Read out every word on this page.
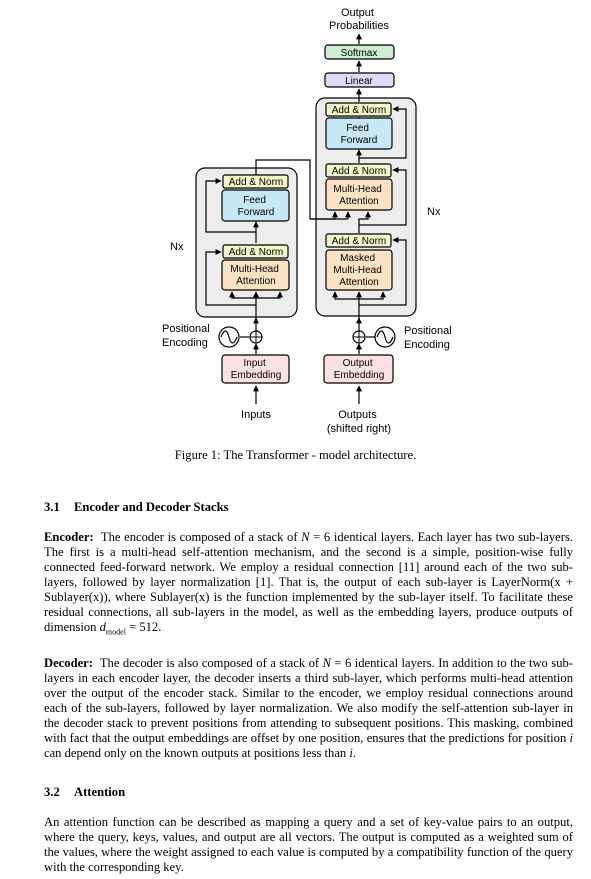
Output Probabilities
Softmax
Linear
Add & Norm
Feed Forward
Add & Norm
Multi-Head Attention
Add & Norm
Masked Multi-Head Attention
Nx
Add & Norm
Feed Forward
Add & Norm
Multi-Head Attention
Nx
Positional Encoding
Positional Encoding
Input Embedding
Output Embedding
Inputs	Outputs (shifted right)
Figure 1: The Transformer - model architecture.
3.1 Encoder and Decoder Stacks
Encoder: The encoder is composed of a stack of N = 6 identical layers. Each layer has two sub-layers. The first is a multi-head self-attention mechanism, and the second is a simple, position-wise fully connected feed-forward network. We employ a residual connection [11] around each of the two sub-layers, followed by layer normalization [1]. That is, the output of each sub-layer is LayerNorm(x + Sublayer(x)), where Sublayer(x) is the function implemented by the sub-layer itself. To facilitate these residual connections, all sub-layers in the model, as well as the embedding layers, produce outputs of dimension $d_{model} = 512$.
Decoder: The decoder is also composed of a stack of N = 6 identical layers. In addition to the two sub-layers in each encoder layer, the decoder inserts a third sub-layer, which performs multi-head attention over the output of the encoder stack. Similar to the encoder, we employ residual connections around each of the sub-layers, followed by layer normalization. We also modify the self-attention sub-layer in the decoder stack to prevent positions from attending to subsequent positions. This masking, combined with fact that the output embeddings are offset by one position, ensures that the predictions for position i can depend only on the known outputs at positions less than i.
3.2 Attention
An attention function can be described as mapping a query and a set of key-value pairs to an output, where the query, keys, values, and output are all vectors. The output is computed as a weighted sum of the values, where the weight assigned to each value is computed by a compatibility function of the query with the corresponding key.
